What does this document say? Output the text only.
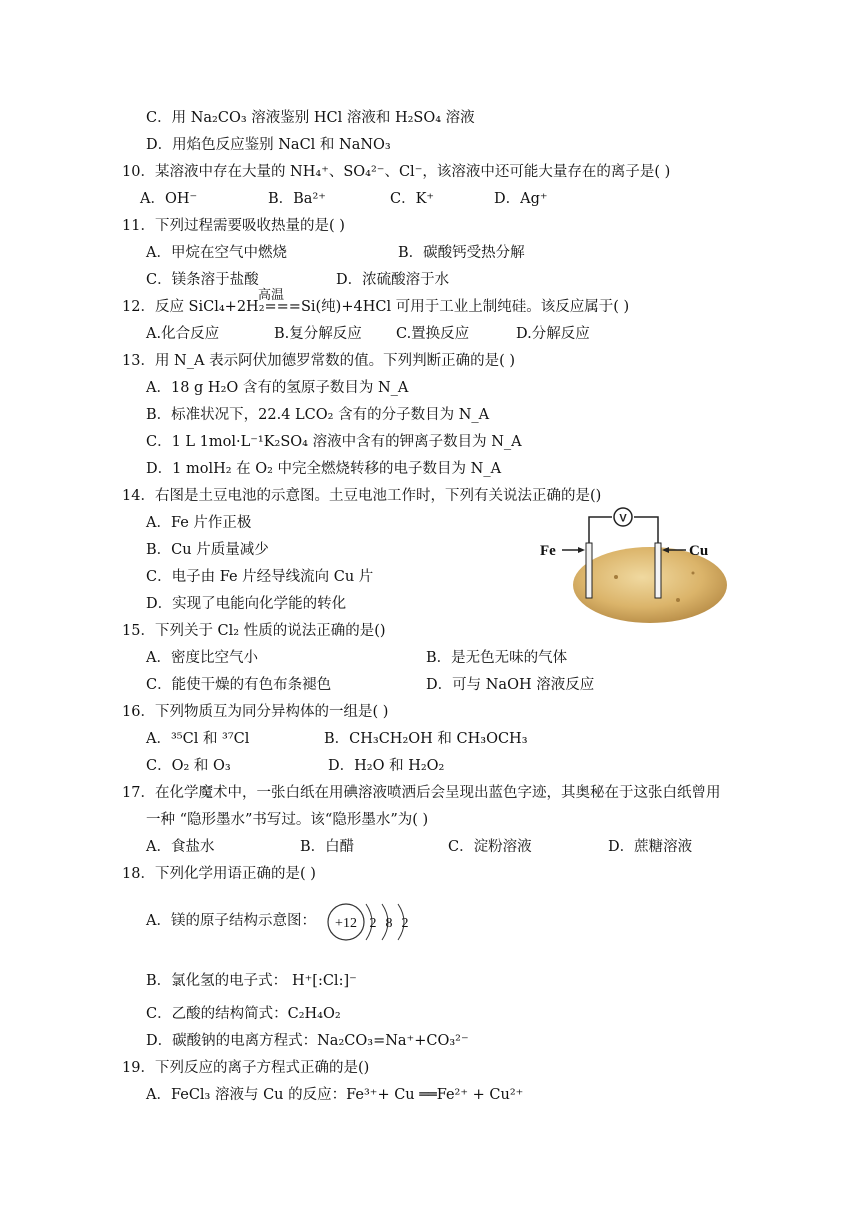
C．用 Na₂CO₃ 溶液鉴别 HCl 溶液和 H₂SO₄ 溶液
D．用焰色反应鉴别 NaCl 和 NaNO₃
10．某溶液中存在大量的 NH₄⁺、SO₄²⁻、Cl⁻，该溶液中还可能大量存在的离子是( )
A．OH⁻	B．Ba²⁺	C．K⁺	D．Ag⁺
11．下列过程需要吸收热量的是( )
A．甲烷在空气中燃烧	B．碳酸钙受热分解
C．镁条溶于盐酸	D．浓硫酸溶于水
高温
12．反应 SiCl₄+2H₂===Si(纯)+4HCl 可用于工业上制纯硅。该反应属于( )
A.化合反应	B.复分解反应 C.置换反应	D.分解反应
13．用 N_A 表示阿伏加德罗常数的值。下列判断正确的是( )
A．18 g H₂O 含有的氢原子数目为 N_A
B．标准状况下，22.4 LCO₂ 含有的分子数目为 N_A
C．1 L 1mol·L⁻¹K₂SO₄ 溶液中含有的钾离子数目为 N_A
D．1 molH₂ 在 O₂ 中完全燃烧转移的电子数目为 N_A
14．右图是土豆电池的示意图。土豆电池工作时，下列有关说法正确的是()
A．Fe 片作正极
B．Cu 片质量减少
C．电子由 Fe 片经导线流向 Cu 片
D．实现了电能向化学能的转化
V
Fe	Cu
15．下列关于 Cl₂ 性质的说法正确的是()
A．密度比空气小	B．是无色无味的气体
C．能使干燥的有色布条褪色	D．可与 NaOH 溶液反应
16．下列物质互为同分异构体的一组是( )
A．³⁵Cl 和 ³⁷Cl	B．CH₃CH₂OH 和 CH₃OCH₃
C．O₂ 和 O₃	D．H₂O 和 H₂O₂
17．在化学魔术中，一张白纸在用碘溶液喷洒后会呈现出蓝色字迹，其奥秘在于这张白纸曾用
一种 “隐形墨水”书写过。该“隐形墨水”为( )
A．食盐水	B．白醋	C．淀粉溶液	D．蔗糖溶液
18．下列化学用语正确的是( )
A．镁的原子结构示意图： +12 2 8 2
B．氯化氢的电子式： H⁺[:Cl:]⁻
C．乙酸的结构简式：C₂H₄O₂
D．碳酸钠的电离方程式：Na₂CO₃=Na⁺+CO₃²⁻
19．下列反应的离子方程式正确的是()
A．FeCl₃ 溶液与 Cu 的反应：Fe³⁺+ Cu ══Fe²⁺ + Cu²⁺
